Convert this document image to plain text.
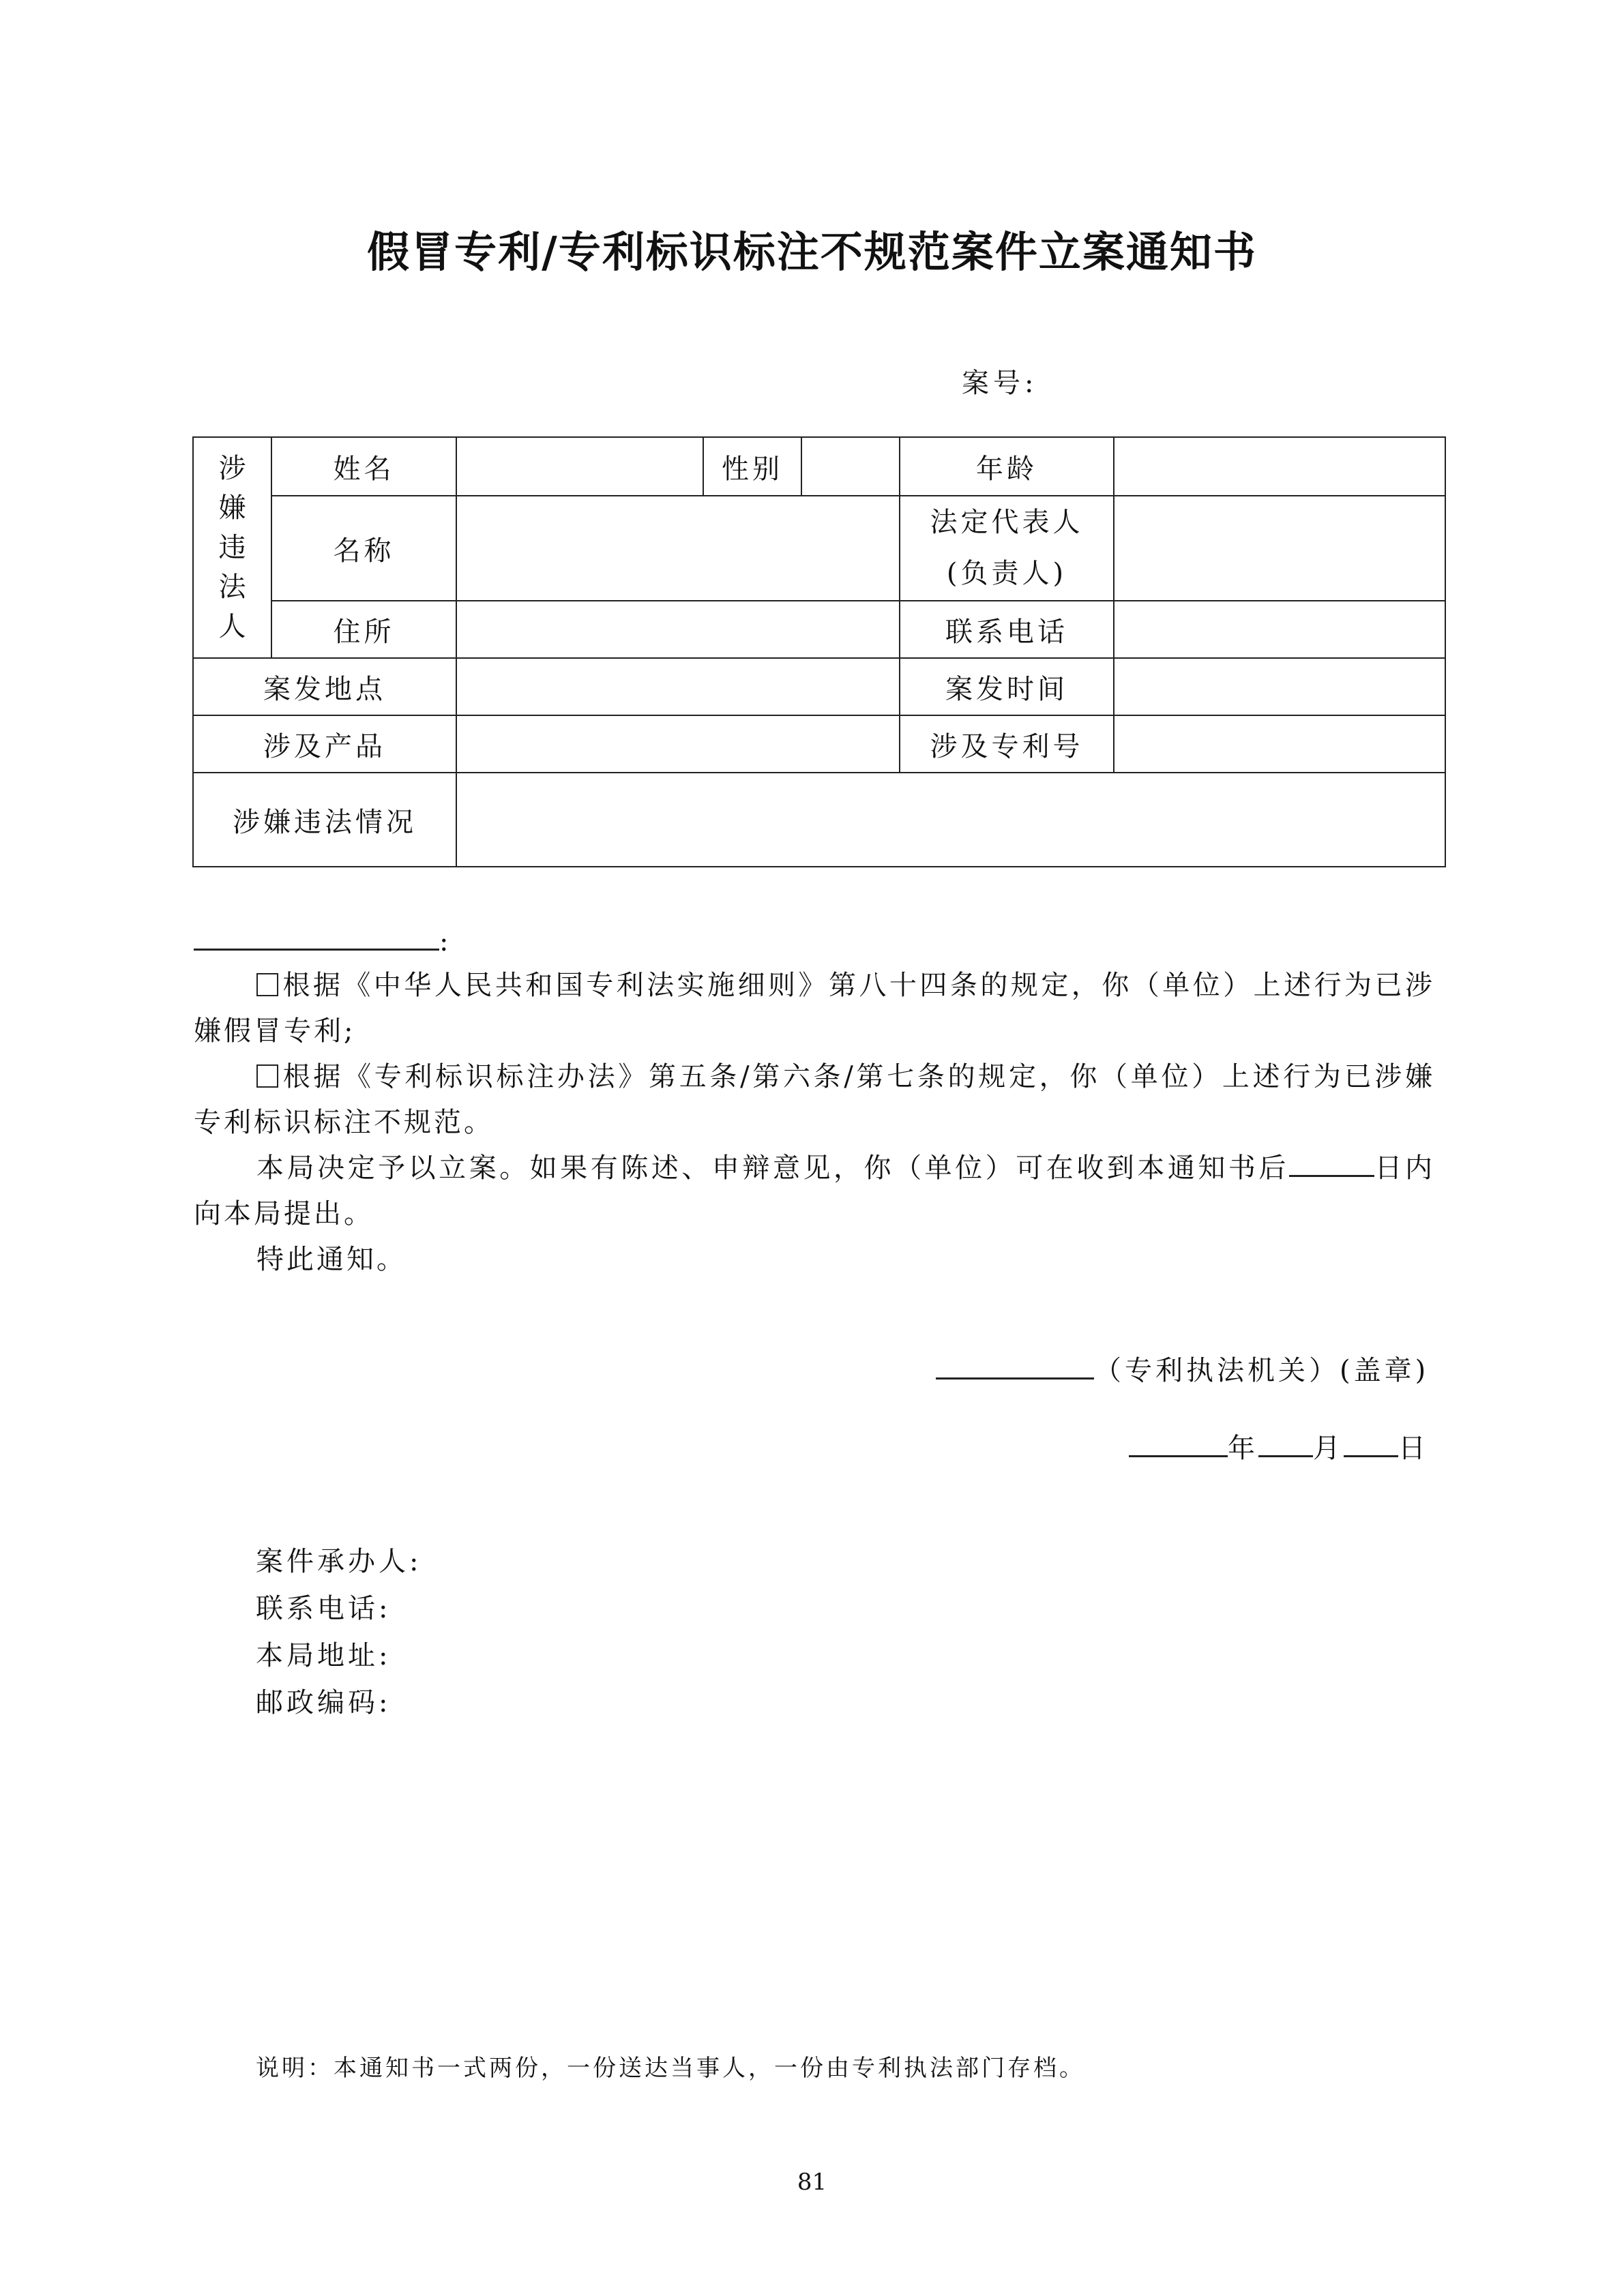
假冒专利/专利标识标注不规范案件立案通知书
案号:
涉嫌违法人	姓名		性别		年龄	
	名称				法定代表人
(负责人)	

	住所				联系电话	
案发地点					案发时间	
涉及产品					涉及专利号	
涉嫌违法情况						
:
根据《中华人民共和国专利法实施细则》第八十四条的规定，你（单位）上述行为已涉嫌假冒专利;
根据《专利标识标注办法》第五条/第六条/第七条的规定，你（单位）上述行为已涉嫌专利标识标注不规范。
本局决定予以立案。如果有陈述、申辩意见，你（单位）可在收到本通知书后	日内向本局提出。
特此通知。
（专利执法机关）(盖章)
年 月 日
案件承办人:
联系电话:
本局地址:
邮政编码:
说明：本通知书一式两份，一份送达当事人，一份由专利执法部门存档。
81
